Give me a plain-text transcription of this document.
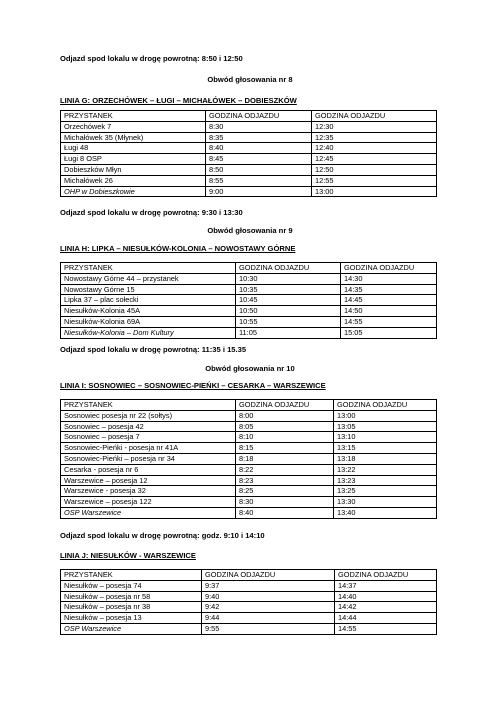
Odjazd spod lokalu w drogę powrotną: 8:50 i 12:50
Obwód głosowania nr 8
LINIA G: ORZECHÓWEK – ŁUGI – MICHAŁÓWEK – DOBIESZKÓW
PRZYSTANEK	GODZINA ODJAZDU	GODZINA ODJAZDU
Orzechówek 7	8:30	12:30
Michałówek 35 (Młynek)	8:35	12:35
Ługi 48	8:40	12:40
Ługi 8 OSP	8:45	12:45
Dobieszków Młyn	8:50	12:50
Michałówek 26	8:55	12:55
OHP w Dobieszkowie	9:00	13:00
Odjazd spod lokalu w drogę powrotną: 9:30 i 13:30
Obwód głosowania nr 9
LINIA H: LIPKA – NIESUŁKÓW-KOLONIA – NOWOSTAWY GÓRNE
PRZYSTANEK	GODZINA ODJAZDU	GODZINA ODJAZDU
Nowostawy Górne 44 – przystanek	10:30	14:30
Nowostawy Górne 15	10:35	14:35
Lipka 37 – plac sołecki	10:45	14:45
Niesułków-Kolonia 45A	10:50	14:50
Niesułków-Kolonia 69A	10:55	14:55
Niesułków-Kolonia – Dom Kultury	11:05	15:05
Odjazd spod lokalu w drogę powrotną: 11:35 i 15.35
Obwód głosowania nr 10
LINIA I: SOSNOWIEC – SOSNOWIEC-PIEŃKI – CESARKA – WARSZEWICE
PRZYSTANEK	GODZINA ODJAZDU	GODZINA ODJAZDU
Sosnowiec posesja nr 22 (sołtys)	8:00	13:00
Sosnowiec – posesja 42	8:05	13:05
Sosnowiec – posesja 7	8:10	13:10
Sosnowiec-Pieńki - posesja nr 41A	8:15	13:15
Sosnowiec-Pieńki – posesja nr 34	8:18	13:18
Cesarka - posesja nr 6	8:22	13:22
Warszewice – posesja 12	8:23	13:23
Warszewice - posesja 32	8:25	13:25
Warszewice – posesja 122	8:30	13:30
OSP Warszewice	8:40	13:40
Odjazd spod lokalu w drogę powrotną: godz. 9:10 i 14:10
LINIA J: NIESUŁKÓW - WARSZEWICE
PRZYSTANEK	GODZINA ODJAZDU	GODZINA ODJAZDU
Niesułków – posesja 74	9:37	14:37
Niesułków – posesja nr 58	9:40	14:40
Niesułków – posesja nr 38	9:42	14:42
Niesułków – posesja 13	9:44	14:44
OSP Warszewice	9:55	14:55
